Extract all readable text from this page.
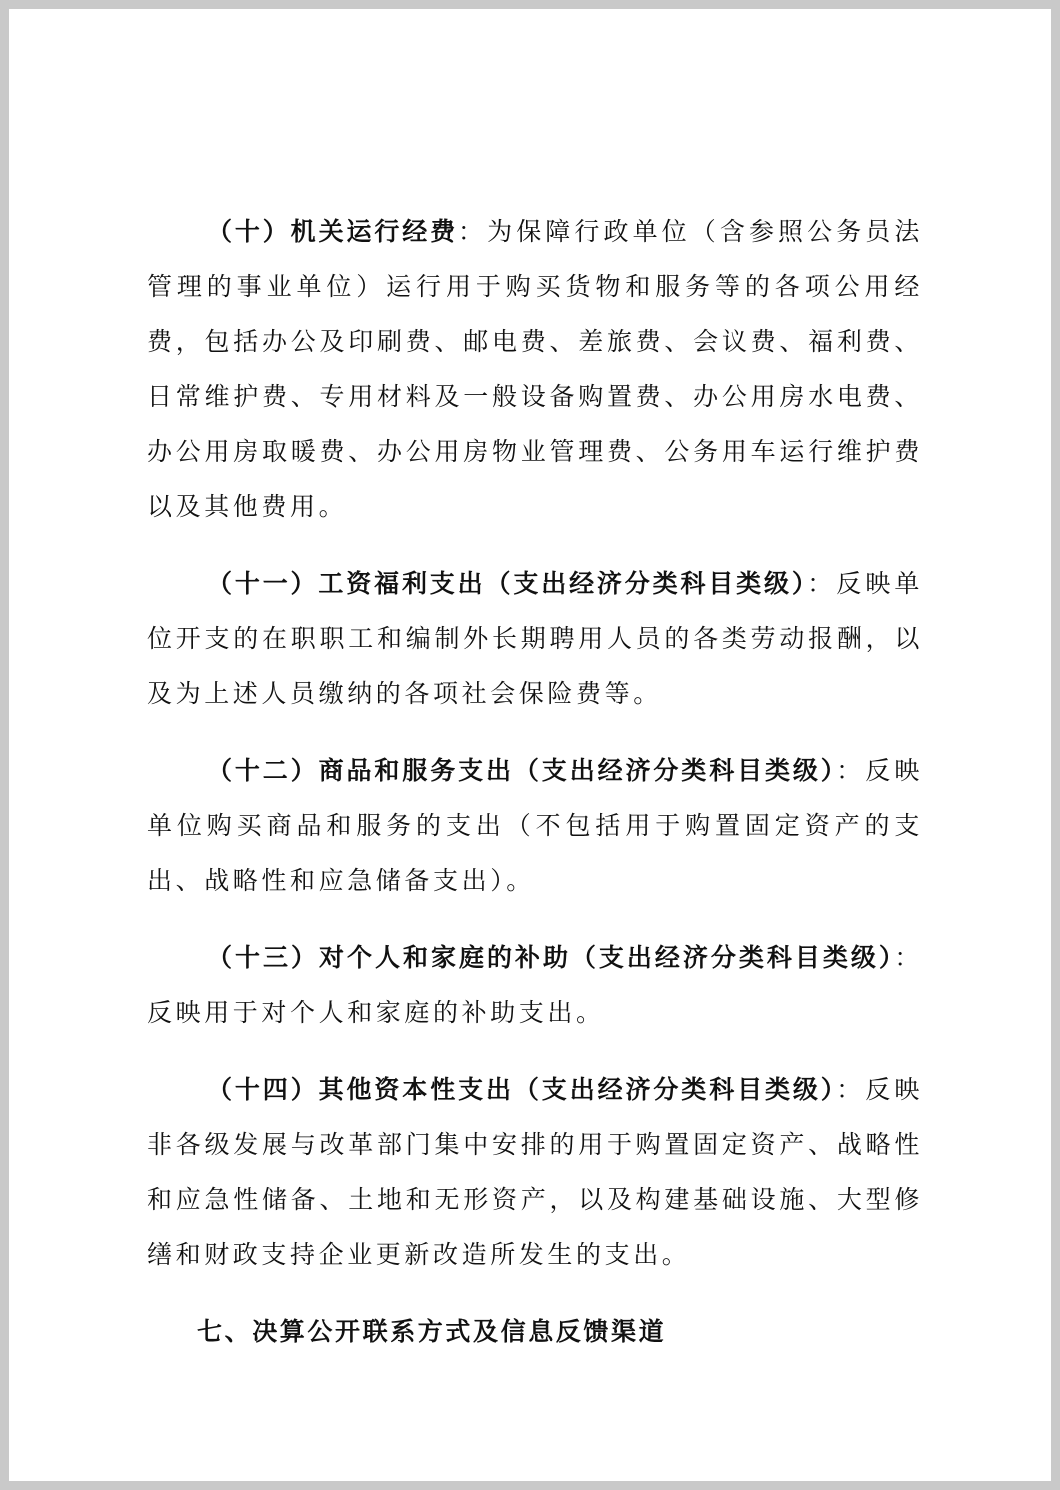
（十）机关运行经费：为保障行政单位（含参照公务员法管理的事业单位）运行用于购买货物和服务等的各项公用经费，包括办公及印刷费、邮电费、差旅费、会议费、福利费、日常维护费、专用材料及一般设备购置费、办公用房水电费、办公用房取暖费、办公用房物业管理费、公务用车运行维护费以及其他费用。

（十一）工资福利支出（支出经济分类科目类级）：反映单位开支的在职职工和编制外长期聘用人员的各类劳动报酬，以及为上述人员缴纳的各项社会保险费等。

（十二）商品和服务支出（支出经济分类科目类级）：反映单位购买商品和服务的支出（不包括用于购置固定资产的支出、战略性和应急储备支出）。

（十三）对个人和家庭的补助（支出经济分类科目类级）：反映用于对个人和家庭的补助支出。

（十四）其他资本性支出（支出经济分类科目类级）：反映非各级发展与改革部门集中安排的用于购置固定资产、战略性和应急性储备、土地和无形资产，以及构建基础设施、大型修缮和财政支持企业更新改造所发生的支出。

七、决算公开联系方式及信息反馈渠道
